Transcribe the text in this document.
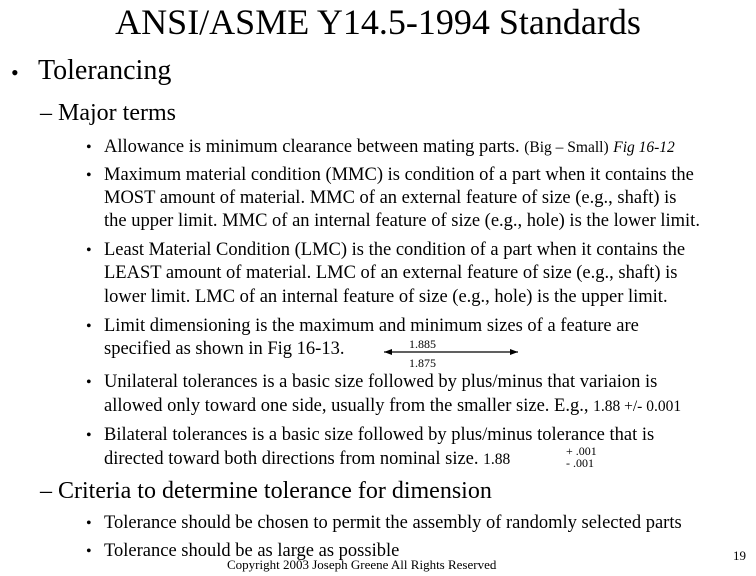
ANSI/ASME Y14.5-1994 Standards
• Tolerancing
– Major terms
• Allowance is minimum clearance between mating parts. (Big – Small) Fig 16-12
• Maximum material condition (MMC) is condition of a part when it contains the
MOST amount of material. MMC of an external feature of size (e.g., shaft) is
the upper limit. MMC of an internal feature of size (e.g., hole) is the lower limit.
• Least Material Condition (LMC) is the condition of a part when it contains the
LEAST amount of material. LMC of an external feature of size (e.g., shaft) is
lower limit. LMC of an internal feature of size (e.g., hole) is the upper limit.
• Limit dimensioning is the maximum and minimum sizes of a feature are
specified as shown in Fig 16-13.	1.885
1.875
• Unilateral tolerances is a basic size followed by plus/minus that variaion is
allowed only toward one side, usually from the smaller size. E.g., 1.88 +/- 0.001
• Bilateral tolerances is a basic size followed by plus/minus tolerance that is
directed toward both directions from nominal size. 1.88	+ .001
- .001
– Criteria to determine tolerance for dimension
• Tolerance should be chosen to permit the assembly of randomly selected parts
• Tolerance should be as large as possible
Copyright 2003 Joseph Greene All Rights Reserved
19
